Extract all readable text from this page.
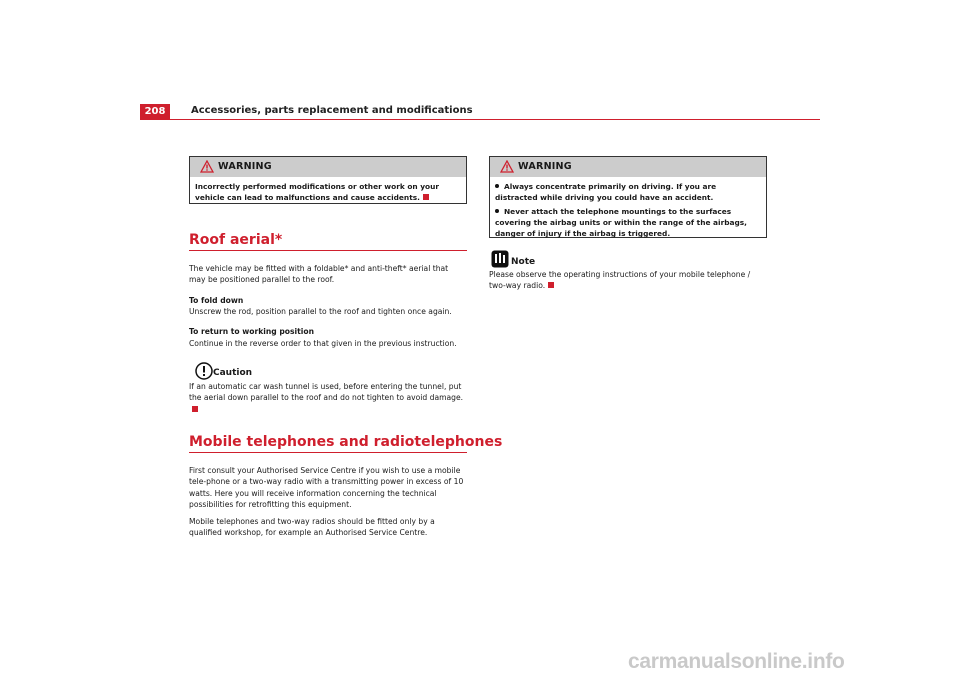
208	Accessories, parts replacement and modifications
WARNING
Incorrectly performed modifications or other work on your vehicle can lead to malfunctions and cause accidents.
Roof aerial*

The vehicle may be fitted with a foldable* and anti-theft* aerial that may be positioned parallel to the roof.

To fold down

Unscrew the rod, position parallel to the roof and tighten once again.

To return to working position

Continue in the reverse order to that given in the previous instruction.

Caution

If an automatic car wash tunnel is used, before entering the tunnel, put the aerial down parallel to the roof and do not tighten to avoid damage.

Mobile telephones and radiotelephones

First consult your Authorised Service Centre if you wish to use a mobile tele-phone or a two-way radio with a transmitting power in excess of 10 watts. Here you will receive information concerning the technical possibilities for retrofitting this equipment.

Mobile telephones and two-way radios should be fitted only by a qualified workshop, for example an Authorised Service Centre.

WARNING
Always concentrate primarily on driving. If you are distracted while driving you could have an accident.
Never attach the telephone mountings to the surfaces covering the airbag units or within the range of the airbags, danger of injury if the airbag is triggered.
Note

Please observe the operating instructions of your mobile telephone / two-way radio.

carmanualsonline.info
